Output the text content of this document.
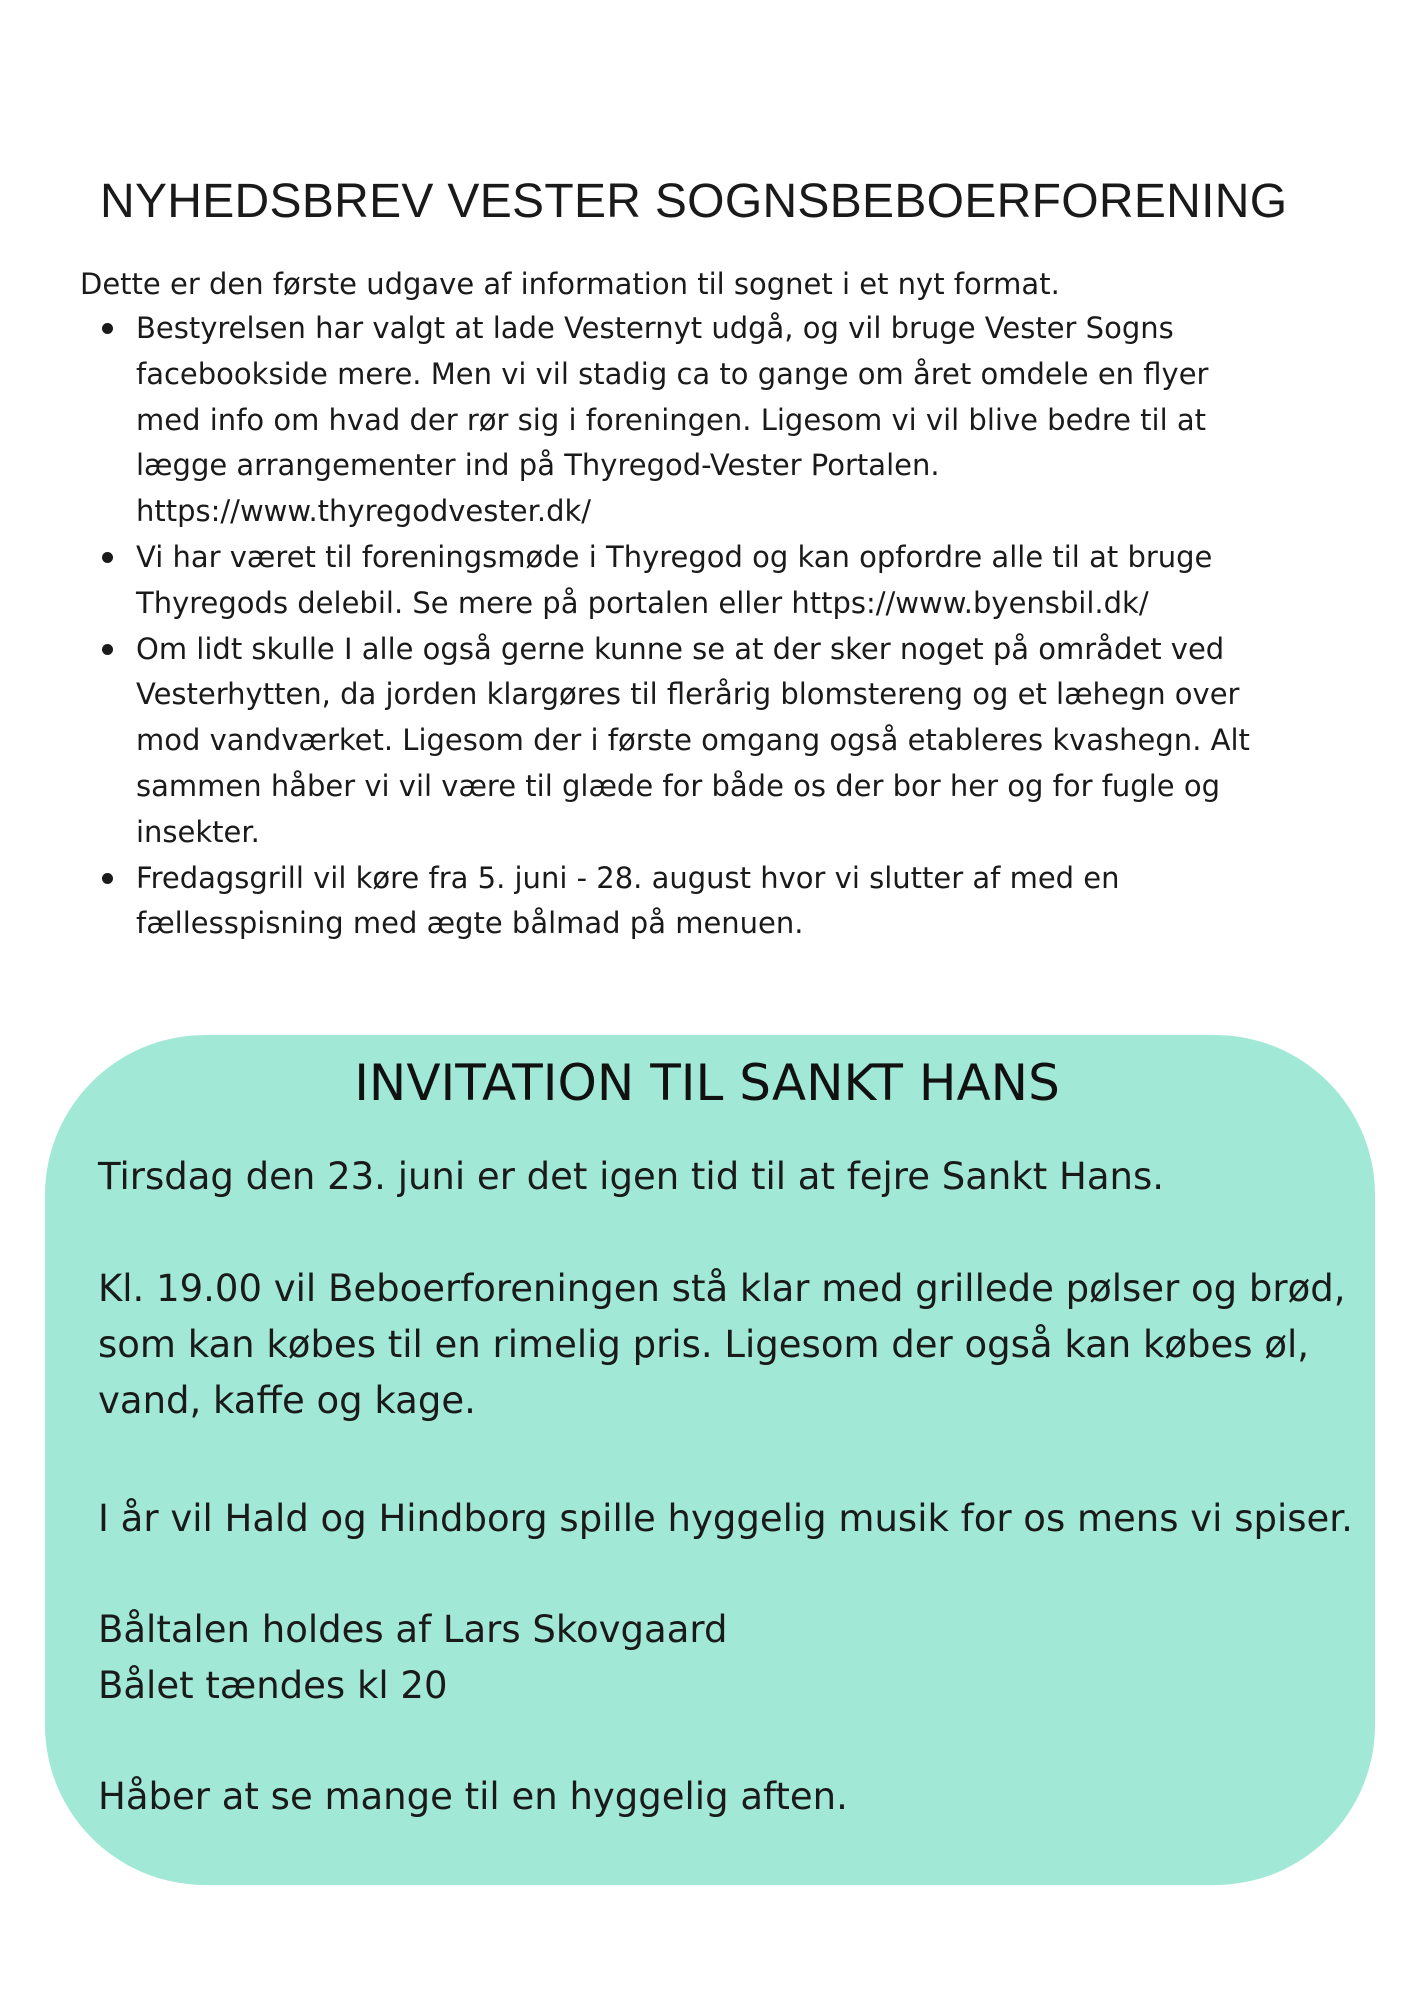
NYHEDSBREV VESTER SOGNSBEBOERFORENING

Dette er den første udgave af information til sognet i et nyt format.

Bestyrelsen har valgt at lade Vesternyt udgå, og vil bruge Vester Sogns
facebookside mere. Men vi vil stadig ca to gange om året omdele en flyer
med info om hvad der rør sig i foreningen. Ligesom vi vil blive bedre til at
lægge arrangementer ind på Thyregod-Vester Portalen.
https://www.thyregodvester.dk/
Vi har været til foreningsmøde i Thyregod og kan opfordre alle til at bruge
Thyregods delebil. Se mere på portalen eller https://www.byensbil.dk/
Om lidt skulle I alle også gerne kunne se at der sker noget på området ved
Vesterhytten, da jorden klargøres til flerårig blomstereng og et læhegn over
mod vandværket. Ligesom der i første omgang også etableres kvashegn. Alt
sammen håber vi vil være til glæde for både os der bor her og for fugle og
insekter.
Fredagsgrill vil køre fra 5. juni - 28. august hvor vi slutter af med en
fællesspisning med ægte bålmad på menuen.
INVITATION TIL SANKT HANS

Tirsdag den 23. juni er det igen tid til at fejre Sankt Hans.

Kl. 19.00 vil Beboerforeningen stå klar med grillede pølser og brød,
som kan købes til en rimelig pris. Ligesom der også kan købes øl,
vand, kaffe og kage.

I år vil Hald og Hindborg spille hyggelig musik for os mens vi spiser.

Båltalen holdes af Lars Skovgaard

Bålet tændes kl 20

Håber at se mange til en hyggelig aften.
